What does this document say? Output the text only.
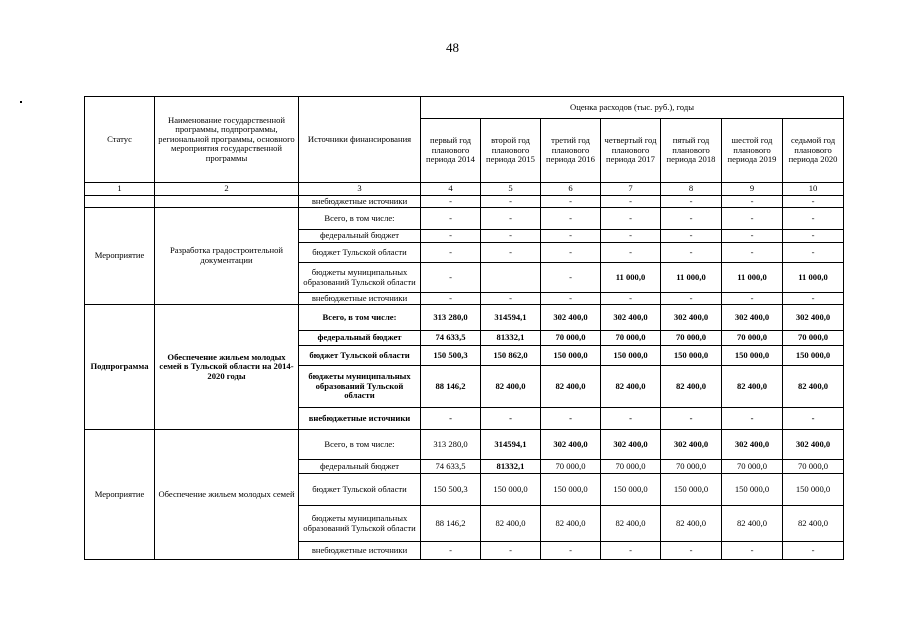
48
Статус	Наименование государственной программы, подпрограммы, региональной программы, основного мероприятия государственной программы	Источники финансирования	Оценка расходов (тыс. руб.), годы						
			первый год планового периода 2014	второй год планового периода 2015	третий год планового периода 2016	четвертый год планового периода 2017	пятый год планового периода 2018	шестой год планового периода 2019	седьмой год планового периода 2020
1	2	3	4	5	6	7	8	9	10
		внебюджетные источники	-	-	-	-	-	-	-
Мероприятие	Разработка градостроительной документации	Всего, в том числе:	-	-	-	-	-	-	-
		федеральный бюджет	-	-	-	-	-	-	-
		бюджет Тульской области	-	-	-	-	-	-	-
		бюджеты муниципальных образований Тульской области	-		-	11 000,0	11 000,0	11 000,0	11 000,0
		внебюджетные источники	-	-	-	-	-	-	-
Подпрограмма	Обеспечение жильем молодых семей в Тульской области на 2014-2020 годы	Всего, в том числе:	313 280,0	314594,1	302 400,0	302 400,0	302 400,0	302 400,0	302 400,0
		федеральный бюджет	74 633,5	81332,1	70 000,0	70 000,0	70 000,0	70 000,0	70 000,0
		бюджет Тульской области	150 500,3	150 862,0	150 000,0	150 000,0	150 000,0	150 000,0	150 000,0
		бюджеты муниципальных образований Тульской области	88 146,2	82 400,0	82 400,0	82 400,0	82 400,0	82 400,0	82 400,0
		внебюджетные источники	-	-	-	-	-	-	-
Мероприятие	Обеспечение жильем молодых семей	Всего, в том числе:	313 280,0	314594,1	302 400,0	302 400,0	302 400,0	302 400,0	302 400,0
		федеральный бюджет	74 633,5	81332,1	70 000,0	70 000,0	70 000,0	70 000,0	70 000,0
		бюджет Тульской области	150 500,3	150 000,0	150 000,0	150 000,0	150 000,0	150 000,0	150 000,0
		бюджеты муниципальных образований Тульской области	88 146,2	82 400,0	82 400,0	82 400,0	82 400,0	82 400,0	82 400,0
		внебюджетные источники	-	-	-	-	-	-	-
